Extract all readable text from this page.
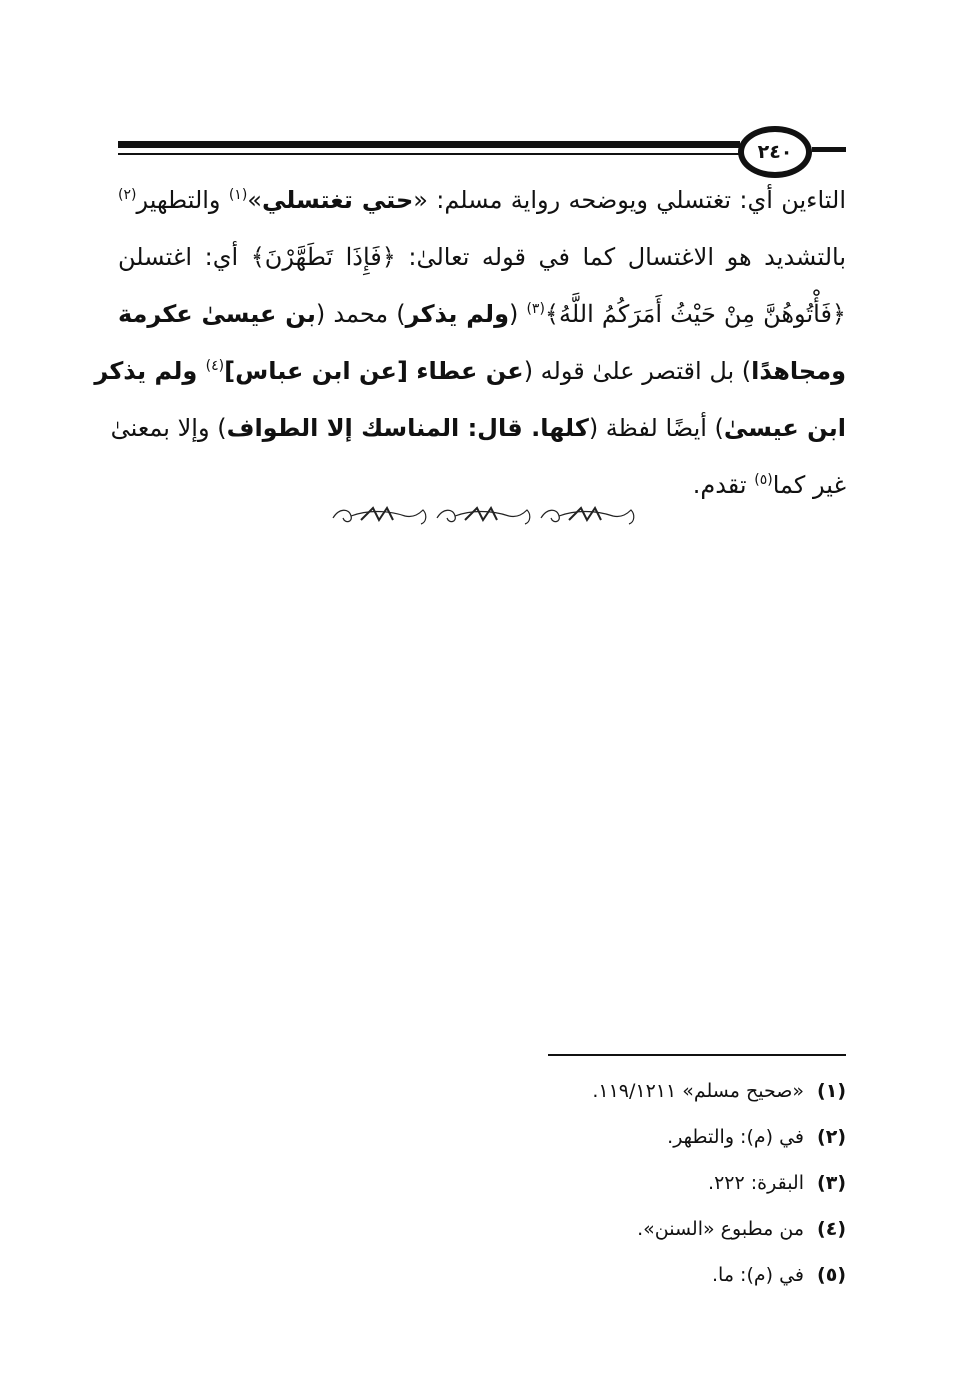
٢٤٠
التاءين أي: تغتسلي ويوضحه رواية مسلم: «حتي تغتسلي»$^{(١)}$ والتطهير$^{(٢)}$
بالتشديد هو الاغتسال كما في قوله تعالىٰ: ﴿فَإِذَا تَطَهَّرْنَ﴾ أي: اغتسلن
﴿فَأْتُوهُنَّ مِنْ حَيْثُ أَمَرَكُمُ اللَّهُ﴾$^{(٣)}$ (ولم يذكر) محمد (بن عيسىٰ عكرمة
ومجاهدًا) بل اقتصر علىٰ قوله (عن عطاء [عن ابن عباس]$^{(٤)}$ ولم يذكر
ابن عيسىٰ) أيضًا لفظة (كلها. قال: المناسك إلا الطواف) وإلا بمعنىٰ
غير كما$^{(٥)}$ تقدم.
(١)«صحيح مسلم» ١١٩/١٢١١.
(٢)في (م): والتطهر.
(٣)البقرة: ٢٢٢.
(٤)من مطبوع «السنن».
(٥)في (م): ما.
